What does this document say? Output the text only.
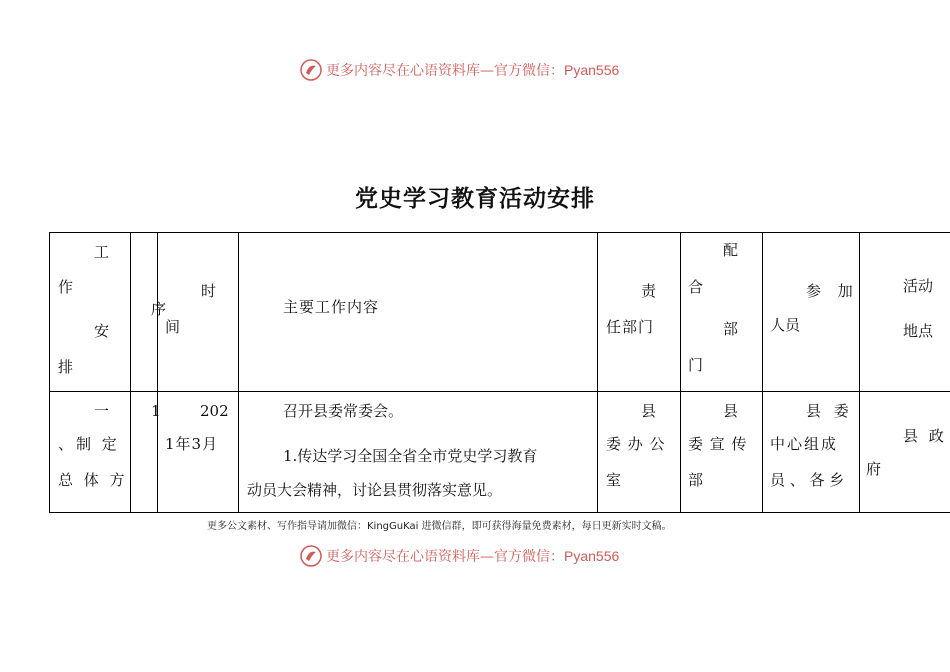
更多内容尽在心语资料库—官方微信：Pyan556
党史学习教育活动安排
工
作
安
排
序
时
间
主要工作内容
责
任部门
配
合
部
门
参 加
人员
活动
地点
一
、制 定
总 体 方
1	202
1年3月
召开县委常委会。
1.传达学习全国全省全市党史学习教育
动员大会精神，讨论县贯彻落实意见。
县
委 办 公
室
县
委 宣 传
部
县 委
中心组成
员 、 各 乡
县 政
府
更多公文素材、写作指导请加微信：KingGuKai 进微信群，即可获得海量免费素材，每日更新实时文稿。
更多内容尽在心语资料库—官方微信：Pyan556
